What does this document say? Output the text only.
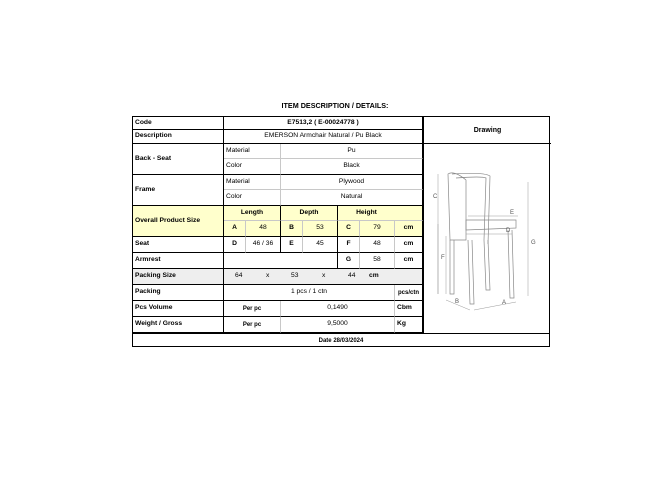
ITEM DESCRIPTION / DETAILS:
Code	E7513,2 ( E-00024778 )
Description	EMERSON Armchair Natural / Pu Black
Back - Seat
Material	Pu
Color	Black
Frame
Material	Plywood
Color	Natural
Overall Product Size
Length	Depth	Height
A	48	B	53	C	79	cm
Seat	D	46 / 36	E	45	F	48	cm
Armrest	G	58	cm
Packing Size	64	x	53	x	44 cm
Packing	1 pcs / 1 ctn	pcs/ctn
Pcs Volume	Per pc	0,1490	Cbm
Weight / Gross	Per pc	9,5000	Kg
Drawing
C
F
G
E
D
B	A
Date 28/03/2024
